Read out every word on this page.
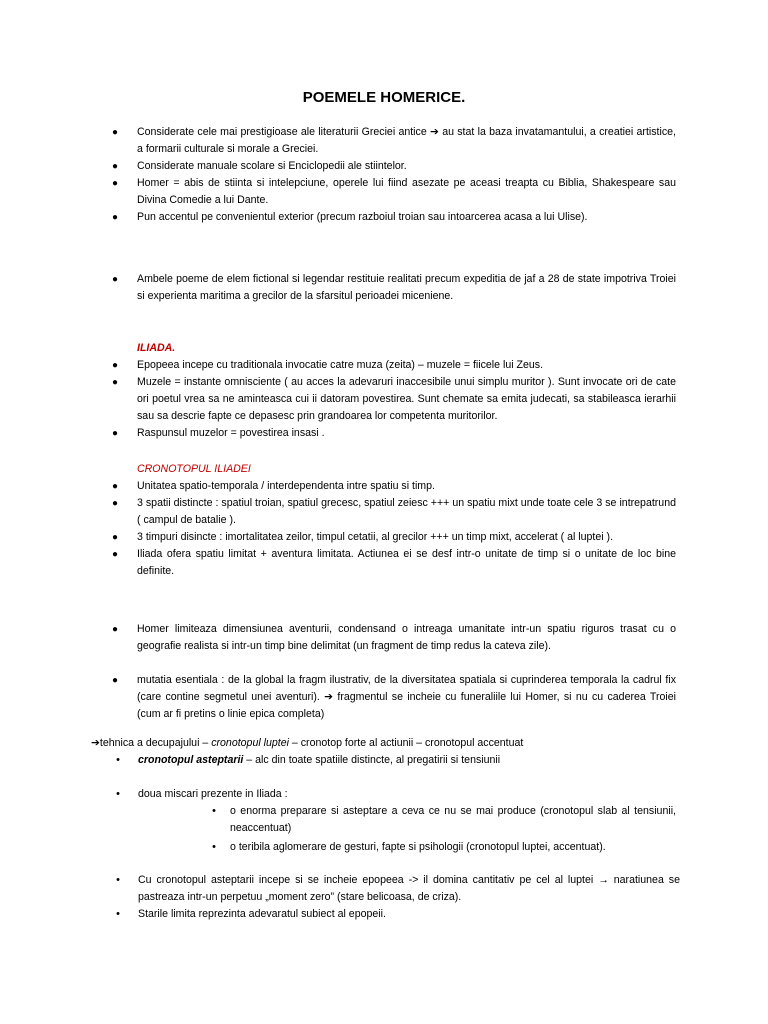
POEMELE HOMERICE.
● Considerate cele mai prestigioase ale literaturii Greciei antice ➔ au stat la baza invatamantului, a creatiei artistice, a formarii culturale si morale a Greciei.
● Considerate manuale scolare si Enciclopedii ale stiintelor.
● Homer = abis de stiinta si intelepciune, operele lui fiind asezate pe aceasi treapta cu Biblia, Shakespeare sau Divina Comedie a lui Dante.
● Pun accentul pe convenientul exterior (precum razboiul troian sau intoarcerea acasa a lui Ulise).
● Ambele poeme de elem fictional si legendar restituie realitati precum expeditia de jaf a 28 de state impotriva Troiei si experienta maritima a grecilor de la sfarsitul perioadei miceniene.
ILIADA.
● Epopeea incepe cu traditionala invocatie catre muza (zeita) – muzele = fiicele lui Zeus.
● Muzele = instante omnisciente ( au acces la adevaruri inaccesibile unui simplu muritor ). Sunt invocate ori de cate ori poetul vrea sa ne aminteasca cui ii datoram povestirea. Sunt chemate sa emita judecati, sa stabileasca ierarhii sau sa descrie fapte ce depasesc prin grandoarea lor competenta muritorilor.
● Raspunsul muzelor = povestirea insasi .
CRONOTOPUL ILIADEI
● Unitatea spatio-temporala / interdependenta intre spatiu si timp.
● 3 spatii distincte : spatiul troian, spatiul grecesc, spatiul zeiesc +++ un spatiu mixt unde toate cele 3 se intrepatrund ( campul de batalie ).
● 3 timpuri disincte : imortalitatea zeilor, timpul cetatii, al grecilor +++ un timp mixt, accelerat ( al luptei ).
● Iliada ofera spatiu limitat + aventura limitata. Actiunea ei se desf intr-o unitate de timp si o unitate de loc bine definite.
● Homer limiteaza dimensiunea aventurii, condensand o intreaga umanitate intr-un spatiu riguros trasat cu o geografie realista si intr-un timp bine delimitat (un fragment de timp redus la cateva zile).
● mutatia esentiala : de la global la fragm ilustrativ, de la diversitatea spatiala si cuprinderea temporala la cadrul fix (care contine segmetul unei aventuri). ➔ fragmentul se incheie cu funeraliile lui Homer, si nu cu caderea Troiei (cum ar fi pretins o linie epica completa)
➔tehnica a decupajului – cronotopul luptei – cronotop forte al actiunii – cronotopul accentuat
• cronotopul asteptarii – alc din toate spatiile distincte, al pregatirii si tensiunii
• doua miscari prezente in Iliada :
• o enorma preparare si asteptare a ceva ce nu se mai produce (cronotopul slab al tensiunii, neaccentuat)
• o teribila aglomerare de gesturi, fapte si psihologii (cronotopul luptei, accentuat).
• Cu cronotopul asteptarii incepe si se incheie epopeea -> il domina cantitativ pe cel al luptei → naratiunea se pastreaza intr-un perpetuu „moment zero” (stare belicoasa, de criza).
• Starile limita reprezinta adevaratul subiect al epopeii.
